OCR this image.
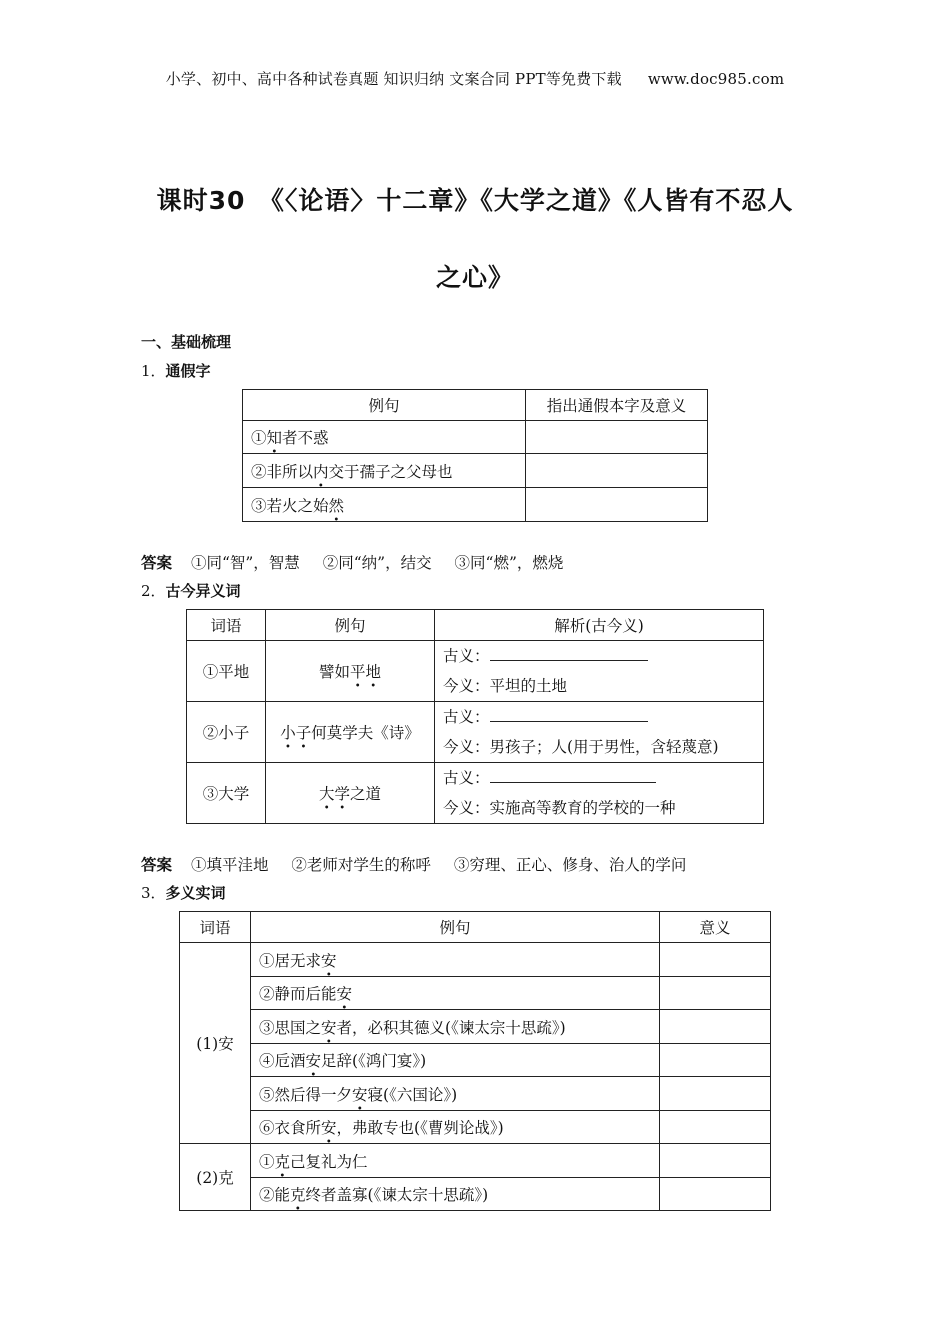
小学、初中、高中各种试卷真题 知识归纳 文案合同 PPT等免费下载 www.doc985.com
课时30　《〈论语〉十二章》《大学之道》《人皆有不忍人
之心》
一、基础梳理
1．通假字
例句	指出通假本字及意义
①知者不惑	
②非所以内交于孺子之父母也	
③若火之始然	
答案 ①同“智”，智慧 ②同“纳”，结交 ③同“燃”，燃烧
2．古今异义词
词语	例句	解析(古今义)
①平地	譬如平地	古义：
今义：平坦的土地

②小子	小子何莫学夫《诗》	古义：
今义：男孩子；人(用于男性，含轻蔑意)

③大学	大学之道	古义：
今义：实施高等教育的学校的一种
答案 ①填平洼地 ②老师对学生的称呼 ③穷理、正心、修身、治人的学问
3．多义实词
词语	例句	意义
(1)安	①居无求安	
	②静而后能安	
	③思国之安者，必积其德义(《谏太宗十思疏》)	
	④卮酒安足辞(《鸿门宴》)	
	⑤然后得一夕安寝(《六国论》)	
	⑥衣食所安，弗敢专也(《曹刿论战》)	
(2)克	①克己复礼为仁	
	②能克终者盖寡(《谏太宗十思疏》)	
